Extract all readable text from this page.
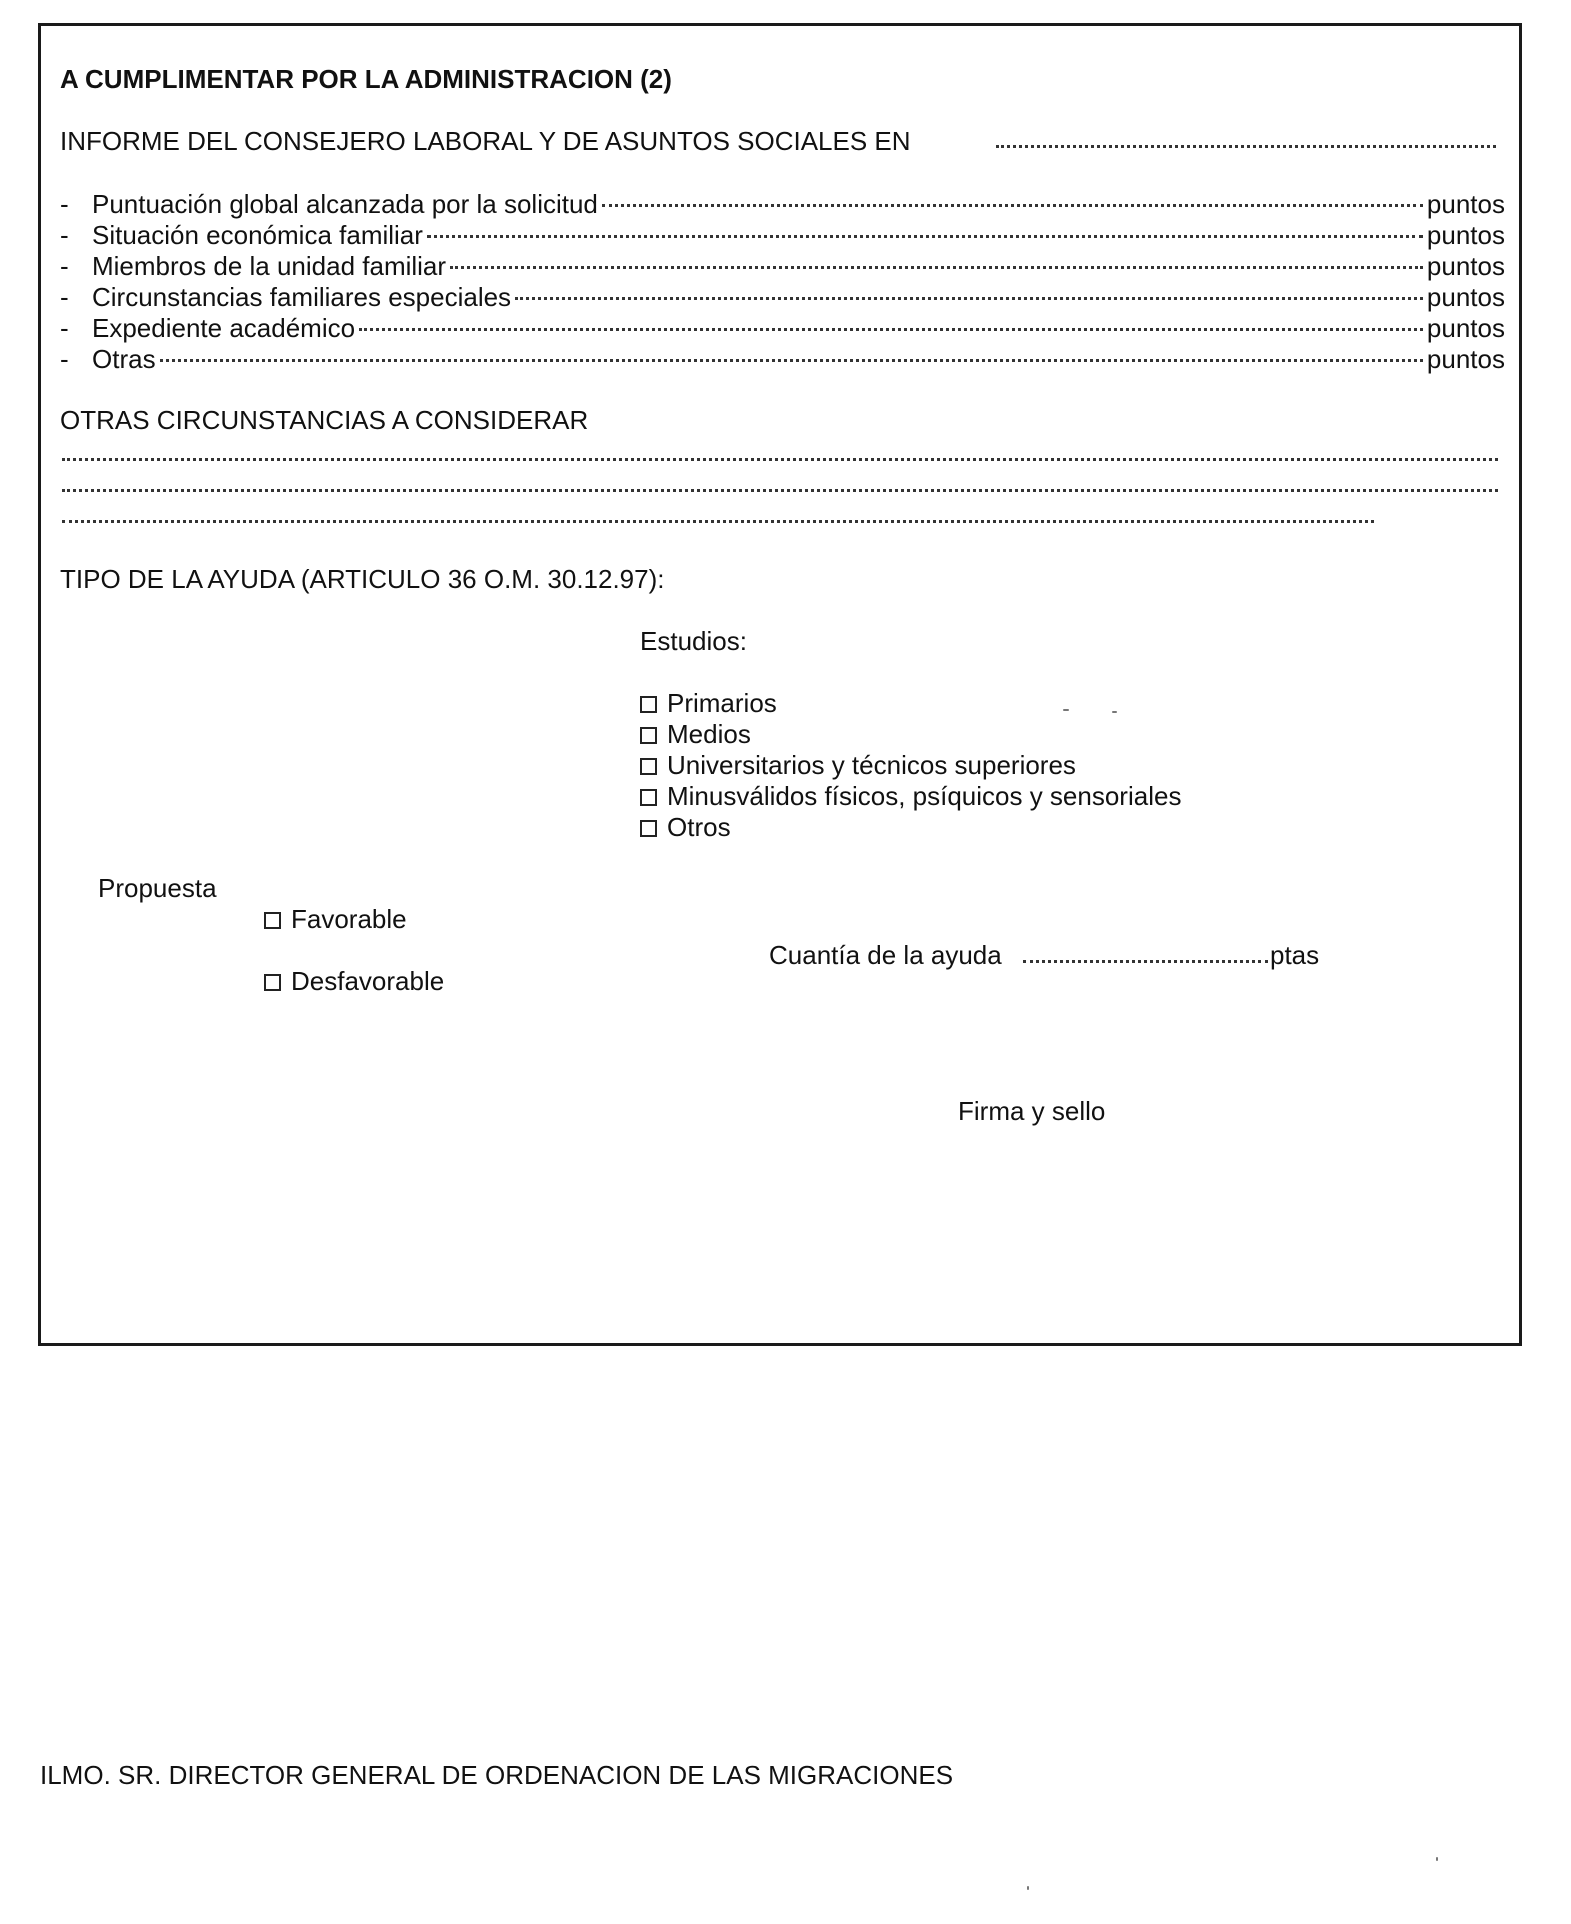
A CUMPLIMENTAR POR LA ADMINISTRACION (2)
INFORME DEL CONSEJERO LABORAL Y DE ASUNTOS SOCIALES EN
- Puntuación global alcanzada por la solicitud	puntos
- Situación económica familiar	puntos
- Miembros de la unidad familiar	puntos
- Circunstancias familiares especiales	puntos
- Expediente académico	puntos
- Otras	puntos
OTRAS CIRCUNSTANCIAS A CONSIDERAR
TIPO DE LA AYUDA (ARTICULO 36 O.M. 30.12.97):
Estudios:
Primarios
Medios
Universitarios y técnicos superiores
Minusválidos físicos, psíquicos y sensoriales
Otros
Propuesta
Favorable
Desfavorable
Cuantía de la ayuda	ptas
Firma y sello
ILMO. SR. DIRECTOR GENERAL DE ORDENACION DE LAS MIGRACIONES
